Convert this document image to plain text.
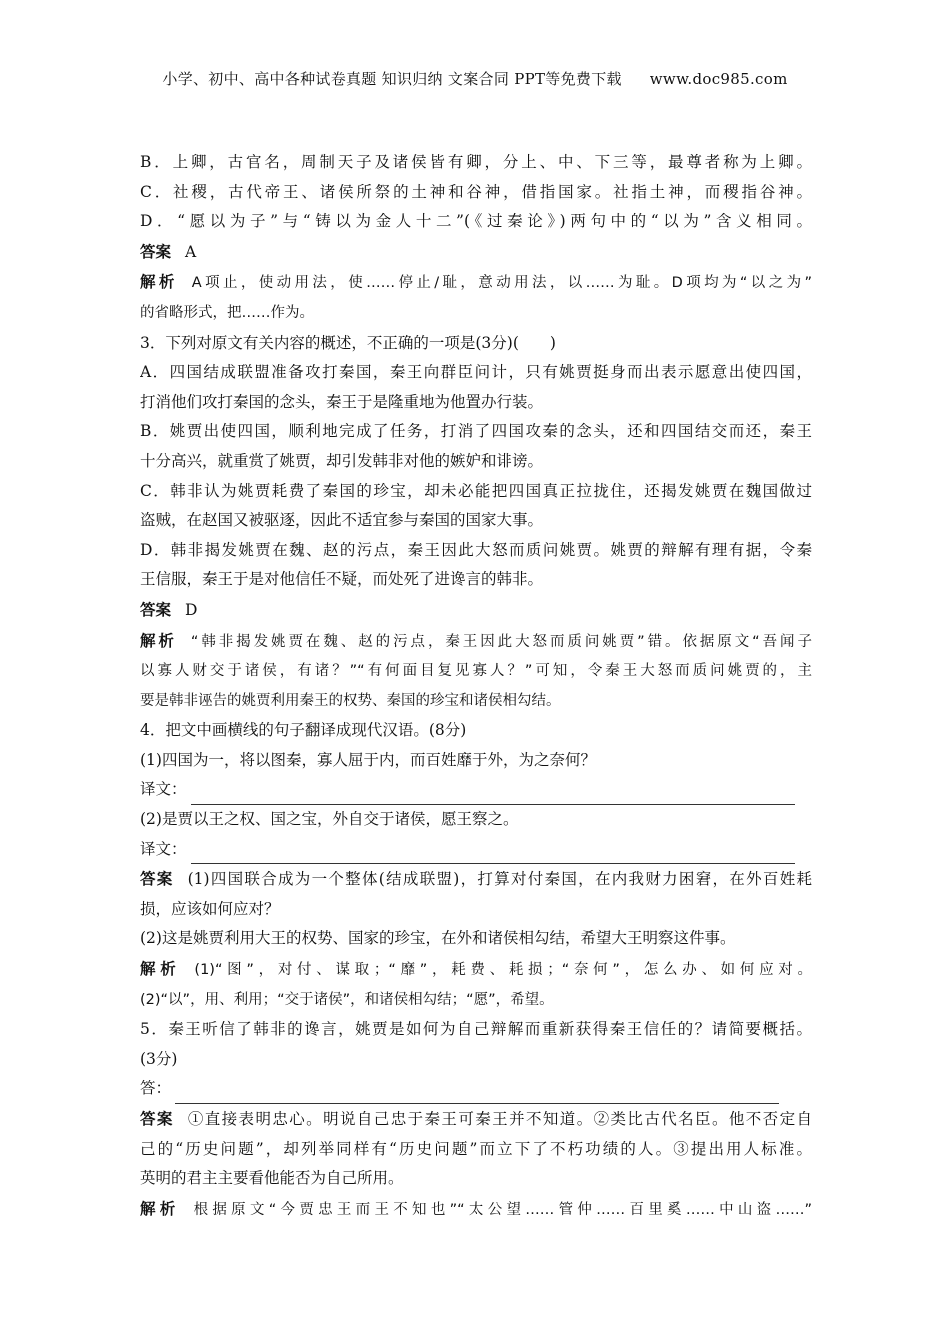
小学、初中、高中各种试卷真题 知识归纳 文案合同 PPT等免费下载 www.doc985.com
B．上卿，古官名，周制天子及诸侯皆有卿，分上、中、下三等，最尊者称为上卿。
C．社稷，古代帝王、诸侯所祭的土神和谷神，借指国家。社指土神，而稷指谷神。
D．“愿以为子”与“铸以为金人十二”(《过秦论》)两句中的“以为”含义相同。
答案 A
解析 A项止，使动用法，使……停止/耻，意动用法，以……为耻。D项均为“以之为”
的省略形式，把……作为。
3．下列对原文有关内容的概述，不正确的一项是(3分)(　　)
A．四国结成联盟准备攻打秦国，秦王向群臣问计，只有姚贾挺身而出表示愿意出使四国，
打消他们攻打秦国的念头，秦王于是隆重地为他置办行装。
B．姚贾出使四国，顺利地完成了任务，打消了四国攻秦的念头，还和四国结交而还，秦王
十分高兴，就重赏了姚贾，却引发韩非对他的嫉妒和诽谤。
C．韩非认为姚贾耗费了秦国的珍宝，却未必能把四国真正拉拢住，还揭发姚贾在魏国做过
盗贼，在赵国又被驱逐，因此不适宜参与秦国的国家大事。
D．韩非揭发姚贾在魏、赵的污点，秦王因此大怒而质问姚贾。姚贾的辩解有理有据，令秦
王信服，秦王于是对他信任不疑，而处死了进谗言的韩非。
答案 D
解析 “韩非揭发姚贾在魏、赵的污点，秦王因此大怒而质问姚贾”错。依据原文“吾闻子
以寡人财交于诸侯，有诸？”“有何面目复见寡人？”可知，令秦王大怒而质问姚贾的，主
要是韩非诬告的姚贾利用秦王的权势、秦国的珍宝和诸侯相勾结。
4．把文中画横线的句子翻译成现代汉语。(8分)
(1)四国为一，将以图秦，寡人屈于内，而百姓靡于外，为之奈何？
译文：
(2)是贾以王之权、国之宝，外自交于诸侯，愿王察之。
译文：
答案 (1)四国联合成为一个整体(结成联盟)，打算对付秦国，在内我财力困窘，在外百姓耗
损，应该如何应对？
(2)这是姚贾利用大王的权势、国家的珍宝，在外和诸侯相勾结，希望大王明察这件事。
解析 (1)“图”，对付、谋取；“靡”，耗费、耗损；“奈何”，怎么办、如何应对。
(2)“以”，用、利用；“交于诸侯”，和诸侯相勾结；“愿”，希望。
5．秦王听信了韩非的谗言，姚贾是如何为自己辩解而重新获得秦王信任的？请简要概括。
(3分)
答：
答案 ①直接表明忠心。明说自己忠于秦王可秦王并不知道。②类比古代名臣。他不否定自
己的“历史问题”，却列举同样有“历史问题”而立下了不朽功绩的人。③提出用人标准。
英明的君主主要看他能否为自己所用。
解析 根据原文“今贾忠王而王不知也”“太公望……管仲……百里奚……中山盗……”
